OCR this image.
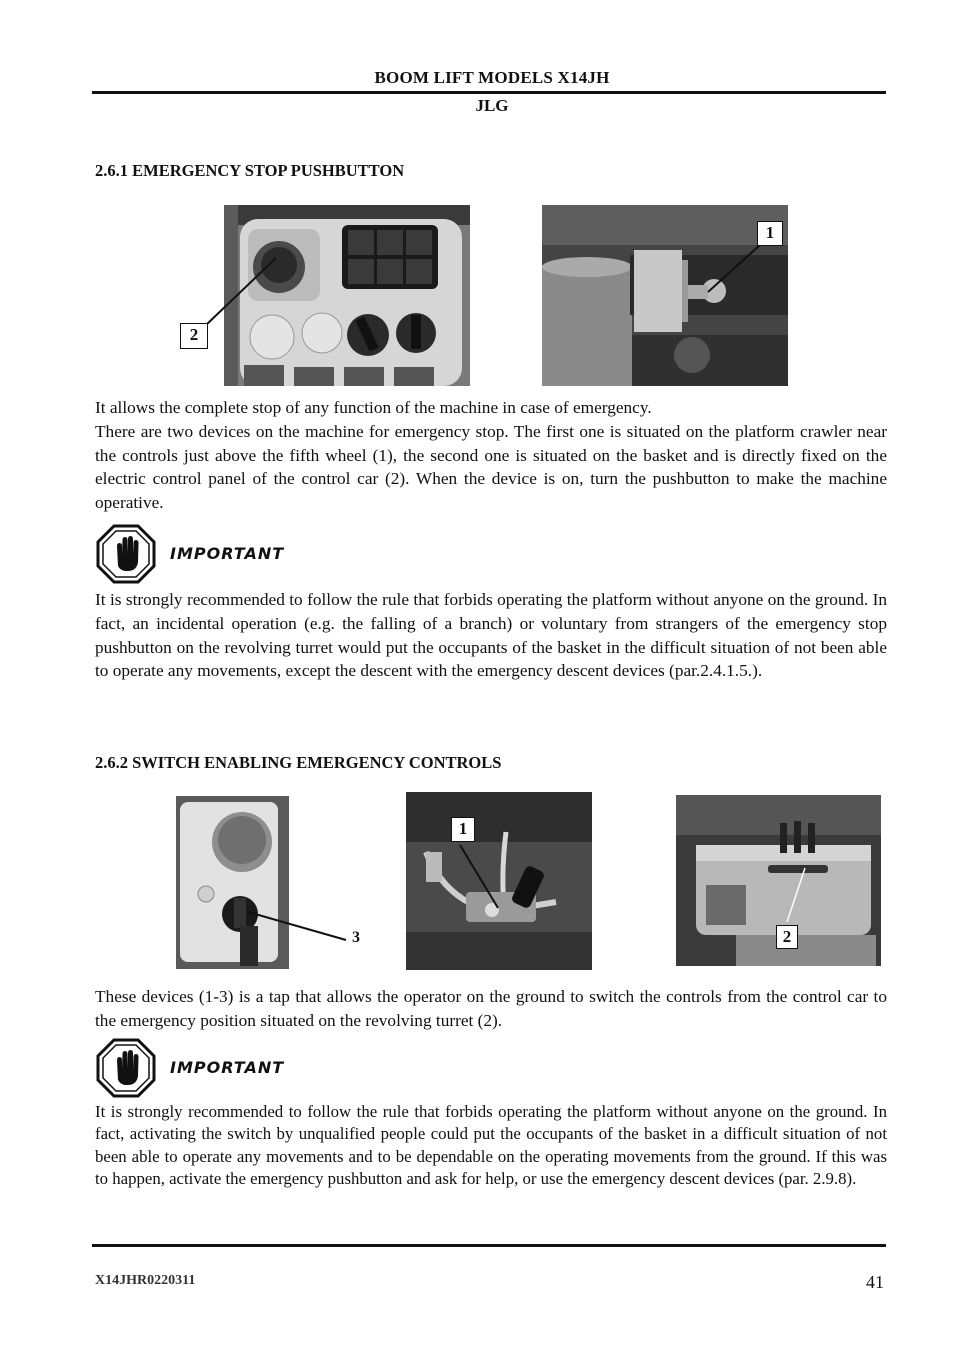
BOOM LIFT MODELS X14JH
JLG
2.6.1 EMERGENCY STOP PUSHBUTTON
2
1

It allows the complete stop of any function of the machine in case of emergency.

There are two devices on the machine for emergency stop. The first one is situated on the platform crawler near the controls just above the fifth wheel (1), the second one is situated on the basket and is directly fixed on the electric control panel of the control car (2). When the device is on, turn the pushbutton to make the machine operative.

IMPORTANT

It is strongly recommended to follow the rule that forbids operating the platform without anyone on the ground. In fact, an incidental operation (e.g. the falling of a branch) or voluntary from strangers of the emergency stop pushbutton on the revolving turret would put the occupants of the basket in the difficult situation of not been able to operate any movements, except the descent with the emergency descent devices (par.2.4.1.5.).

2.6.2 SWITCH ENABLING EMERGENCY CONTROLS
3
1
2

These devices (1-3) is a tap that allows the operator on the ground to switch the controls from the control car to the emergency position situated on the revolving turret (2).

IMPORTANT

It is strongly recommended to follow the rule that forbids operating the platform without anyone on the ground. In fact, activating the switch by unqualified people could put the occupants of the basket in a difficult situation of not been able to operate any movements and to be dependable on the operating movements from the ground. If this was to happen, activate the emergency pushbutton and ask for help, or use the emergency descent devices (par. 2.9.8).

X14JHR0220311	41
